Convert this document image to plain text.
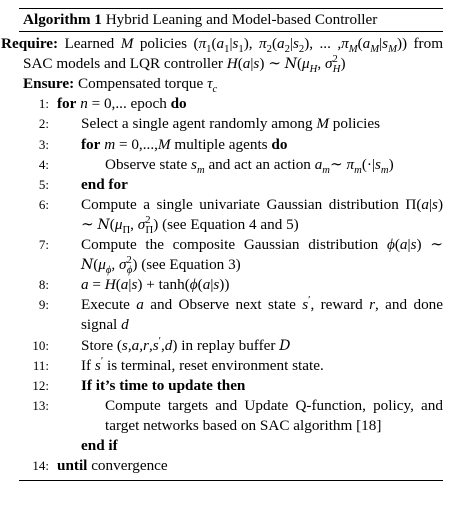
Algorithm 1 Hybrid Leaning and Model-based Controller
Require: Learned M policies ($\pi_1(a_1|s_1)$, $\pi_2(a_2|s_2)$, ... $,\pi_M(a_M|s_M)$) from SAC models and LQR controller H(a|s) ∼ $N(\mu_H$, $\sigma^2_H$)
Ensure: Compensated torque $\tau_c$
1: for n = 0,... epoch do
2: Select a single agent randomly among M policies
3: for m = 0,...,M multiple agents do
4:	Observe state $s_m$ and act an action $a_m\sim$ $\pi_m(\cdot|s_m)$
5: end for
6: Compute a single univariate Gaussian distribution Π(a|s) ∼ $N(\mu_\Pi$, $\sigma^2_\Pi$) (see Equation 4 and 5)
7: Compute the composite Gaussian distribution ϕ(a|s) ∼ $N(\mu_\phi$, $\sigma^2_\phi$) (see Equation 3)
8: a = H(a|s) + tanh(ϕ(a|s))
9: Execute a and Observe next state s′, reward r, and done signal d
10: Store (s,a,r,s′,d) in replay buffer D
11: If s′ is terminal, reset environment state.
12: If it’s time to update then
13:	Compute targets and Update Q-function, policy, and target networks based on SAC algorithm [18]
end if
14: until convergence
